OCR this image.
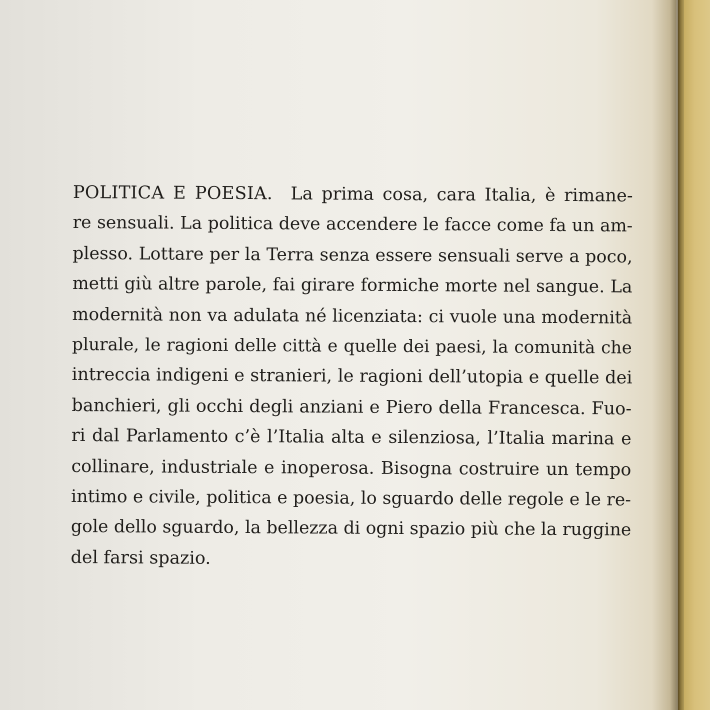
POLITICA E POESIA. La prima cosa, cara Italia, è rimane-
re sensuali. La politica deve accendere le facce come fa un am-
plesso. Lottare per la Terra senza essere sensuali serve a poco,
metti giù altre parole, fai girare formiche morte nel sangue. La
modernità non va adulata né licenziata: ci vuole una modernità
plurale, le ragioni delle città e quelle dei paesi, la comunità che
intreccia indigeni e stranieri, le ragioni dell’utopia e quelle dei
banchieri, gli occhi degli anziani e Piero della Francesca. Fuo-
ri dal Parlamento c’è l’Italia alta e silenziosa, l’Italia marina e
collinare, industriale e inoperosa. Bisogna costruire un tempo
intimo e civile, politica e poesia, lo sguardo delle regole e le re-
gole dello sguardo, la bellezza di ogni spazio più che la ruggine
del farsi spazio.
